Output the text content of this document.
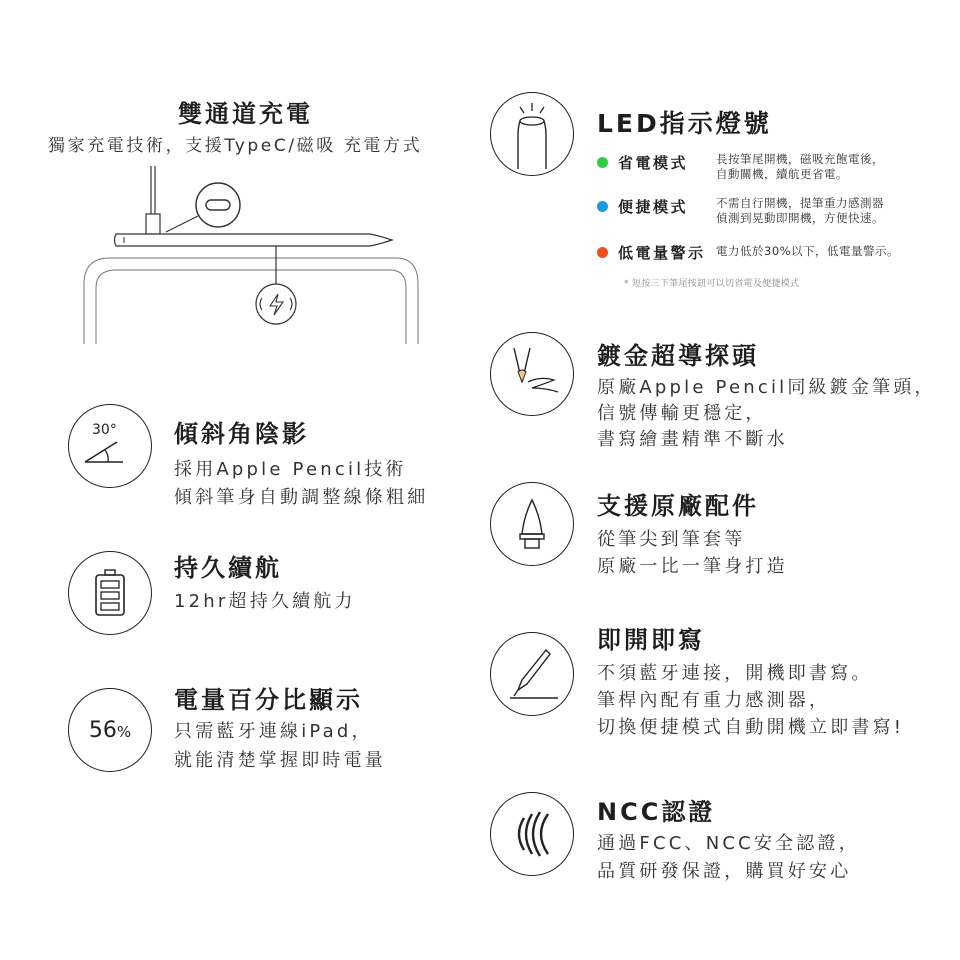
雙通道充電
獨家充電技術，支援TypeC/磁吸 充電方式
30° 傾斜角陰影
採用Apple Pencil技術
傾斜筆身自動調整線條粗細
持久續航
12hr超持久續航力
56 %
電量百分比顯示
只需藍牙連線iPad，
就能清楚掌握即時電量
LED指示燈號
省電模式	長按筆尾開機，磁吸充飽電後，
自動關機，續航更省電。
便捷模式	不需自行開機，提筆重力感測器
偵測到晃動即開機，方便快速。
低電量警示 電力低於30%以下，低電量警示。
* 短按三下筆尾按鈕可以切省電及便捷模式
鍍金超導探頭
原廠Apple Pencil同級鍍金筆頭，
信號傳輸更穩定，
書寫繪畫精準不斷水
支援原廠配件
從筆尖到筆套等
原廠一比一筆身打造
即開即寫
不須藍牙連接，開機即書寫。
筆桿內配有重力感測器，
切換便捷模式自動開機立即書寫!
NCC認證
通過FCC、NCC安全認證，
品質研發保證，購買好安心
